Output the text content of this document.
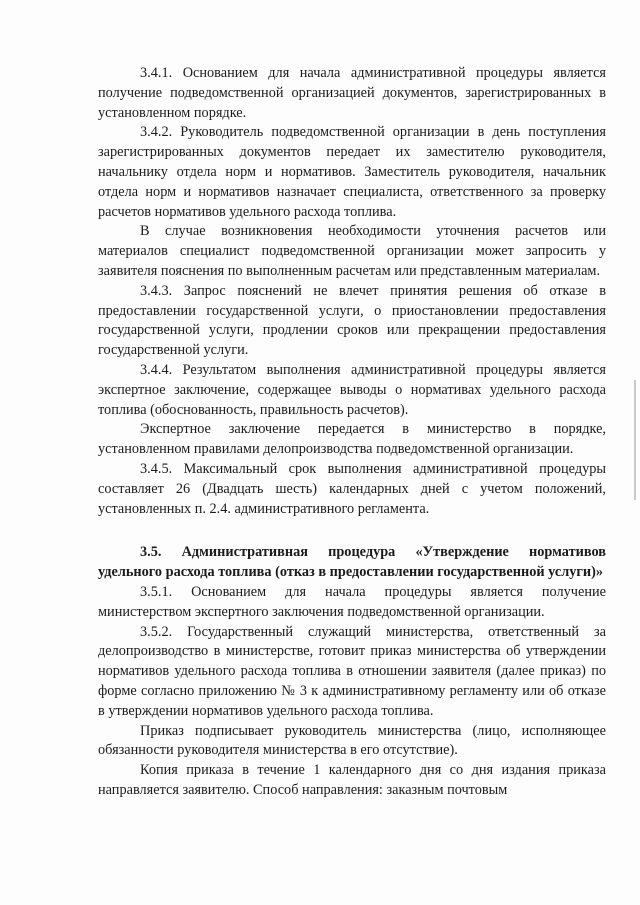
3.4.1. Основанием для начала административной процедуры является получение подведомственной организацией документов, зарегистрированных в установленном порядке.

3.4.2. Руководитель подведомственной организации в день поступления зарегистрированных документов передает их заместителю руководителя, начальнику отдела норм и нормативов. Заместитель руководителя, начальник отдела норм и нормативов назначает специалиста, ответственного за проверку расчетов нормативов удельного расхода топлива.

В случае возникновения необходимости уточнения расчетов или материалов специалист подведомственной организации может запросить у заявителя пояснения по выполненным расчетам или представленным материалам.

3.4.3. Запрос пояснений не влечет принятия решения об отказе в предоставлении государственной услуги, о приостановлении предоставления государственной услуги, продлении сроков или прекращении предоставления государственной услуги.

3.4.4. Результатом выполнения административной процедуры является экспертное заключение, содержащее выводы о нормативах удельного расхода топлива (обоснованность, правильность расчетов).

Экспертное заключение передается в министерство в порядке, установленном правилами делопроизводства подведомственной организации.

3.4.5. Максимальный срок выполнения административной процедуры составляет 26 (Двадцать шесть) календарных дней с учетом положений, установленных п. 2.4. административного регламента.

3.5. Административная процедура «Утверждение нормативов удельного расхода топлива (отказ в предоставлении государственной услуги)»

3.5.1. Основанием для начала процедуры является получение министерством экспертного заключения подведомственной организации.

3.5.2. Государственный служащий министерства, ответственный за делопроизводство в министерстве, готовит приказ министерства об утверждении нормативов удельного расхода топлива в отношении заявителя (далее приказ) по форме согласно приложению № 3 к административному регламенту или об отказе в утверждении нормативов удельного расхода топлива.

Приказ подписывает руководитель министерства (лицо, исполняющее обязанности руководителя министерства в его отсутствие).

Копия приказа в течение 1 календарного дня со дня издания приказа направляется заявителю. Способ направления: заказным почтовым
